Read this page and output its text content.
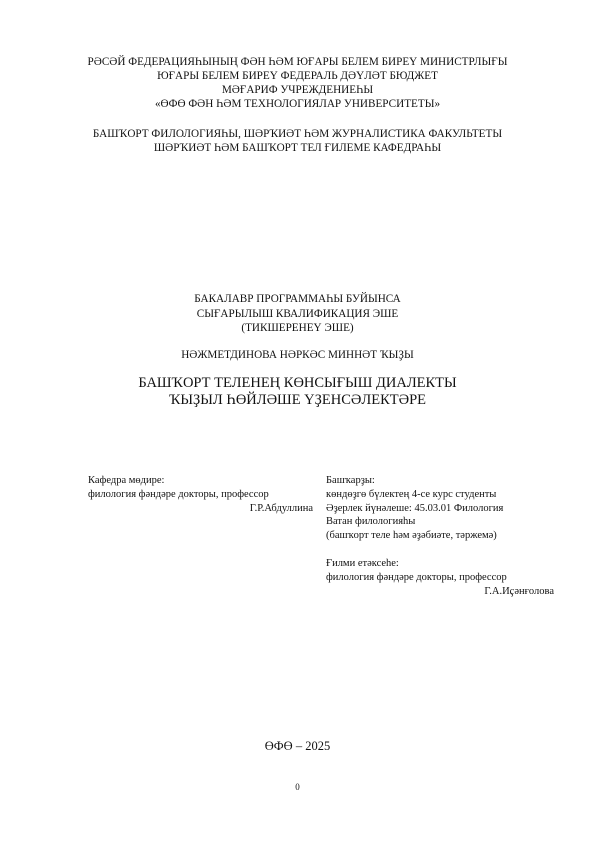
РӘСӘЙ ФЕДЕРАЦИЯҺЫНЫҢ ФӘН ҺӘМ ЮҒАРЫ БЕЛЕМ БИРЕҮ МИНИСТРЛЫҒЫ
ЮҒАРЫ БЕЛЕМ БИРЕҮ ФЕДЕРАЛЬ ДӘҮЛӘТ БЮДЖЕТ
МӘҒАРИФ УЧРЕЖДЕНИЕҺЫ
«ӨФӨ ФӘН ҺӘМ ТЕХНОЛОГИЯЛАР УНИВЕРСИТЕТЫ»
БАШҠОРТ ФИЛОЛОГИЯҺЫ, ШӘРҠИӘТ ҺӘМ ЖУРНАЛИСТИКА ФАКУЛЬТЕТЫ
ШӘРҠИӘТ ҺӘМ БАШҠОРТ ТЕЛ ҒИЛЕМЕ КАФЕДРАҺЫ
БАКАЛАВР ПРОГРАММАҺЫ БУЙЫНСА
СЫҒАРЫЛЫШ КВАЛИФИКАЦИЯ ЭШЕ
(ТИКШЕРЕНЕҮ ЭШЕ)
НӘЖМЕТДИНОВА НӘРКӘС МИННӘТ ҠЫҘЫ
БАШҠОРТ ТЕЛЕНЕҢ КӨНСЫҒЫШ ДИАЛЕКТЫ
ҠЫҘЫЛ ҺӨЙЛӘШЕ ҮҘЕНСӘЛЕКТӘРЕ
Кафедра мөдире:
филология фәндәре докторы, профессор
Г.Р.Абдуллина
Башҡарҙы:
көндөҙгө бүлектең 4-се курс студенты
Әҙерлек йүнәлеше: 45.03.01 Филология
Ватан филологияһы
(башҡорт теле һәм әҙәбиәте, тәржемә)
Ғилми етәксеһе:
филология фәндәре докторы, профессор
Г.А.Иҫәнғолова
ӨФӨ – 2025
0
